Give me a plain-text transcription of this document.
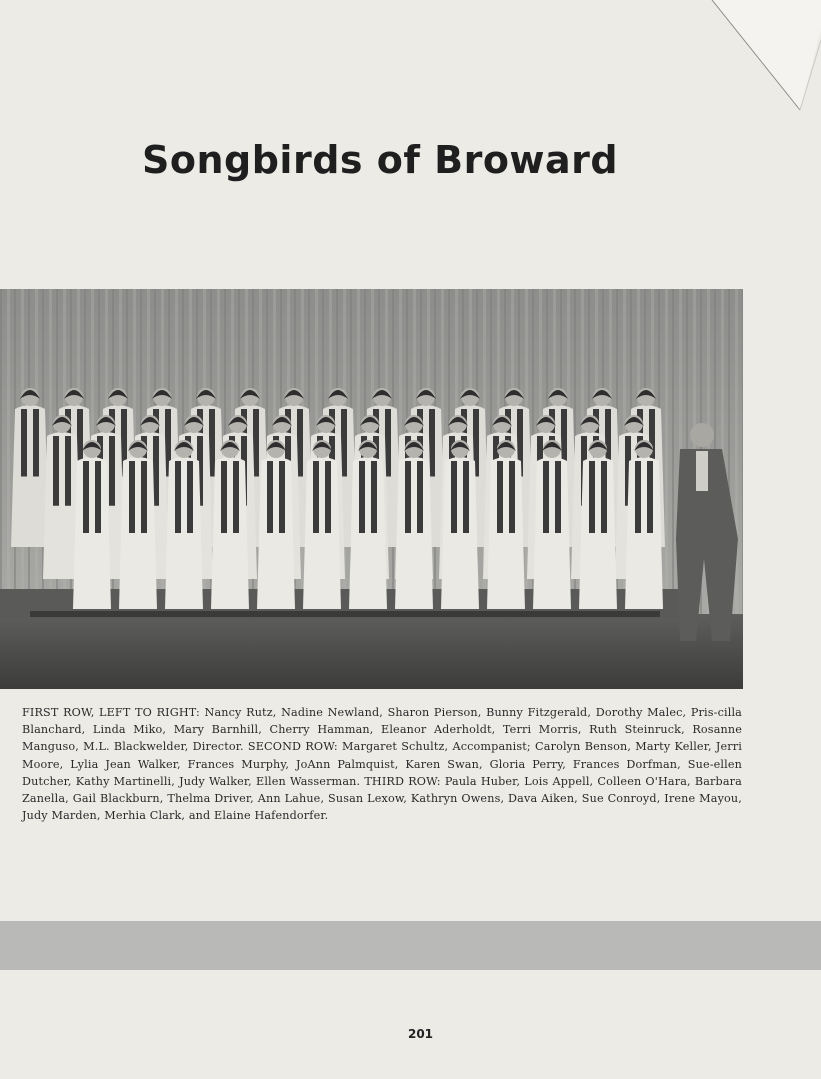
Songbirds of Broward

FIRST ROW, LEFT TO RIGHT: Nancy Rutz, Nadine Newland, Sharon Pierson, Bunny Fitzgerald, Dorothy Malec, Pris-cilla Blanchard, Linda Miko, Mary Barnhill, Cherry Hamman, Eleanor Aderholdt, Terri Morris, Ruth Steinruck, Rosanne Manguso, M.L. Blackwelder, Director. SECOND ROW: Margaret Schultz, Accompanist; Carolyn Benson, Marty Keller, Jerri Moore, Lylia Jean Walker, Frances Murphy, JoAnn Palmquist, Karen Swan, Gloria Perry, Frances Dorfman, Sue-ellen Dutcher, Kathy Martinelli, Judy Walker, Ellen Wasserman. THIRD ROW: Paula Huber, Lois Appell, Colleen O'Hara, Barbara Zanella, Gail Blackburn, Thelma Driver, Ann Lahue, Susan Lexow, Kathryn Owens, Dava Aiken, Sue Conroyd, Irene Mayou, Judy Marden, Merhia Clark, and Elaine Hafendorfer.

201
